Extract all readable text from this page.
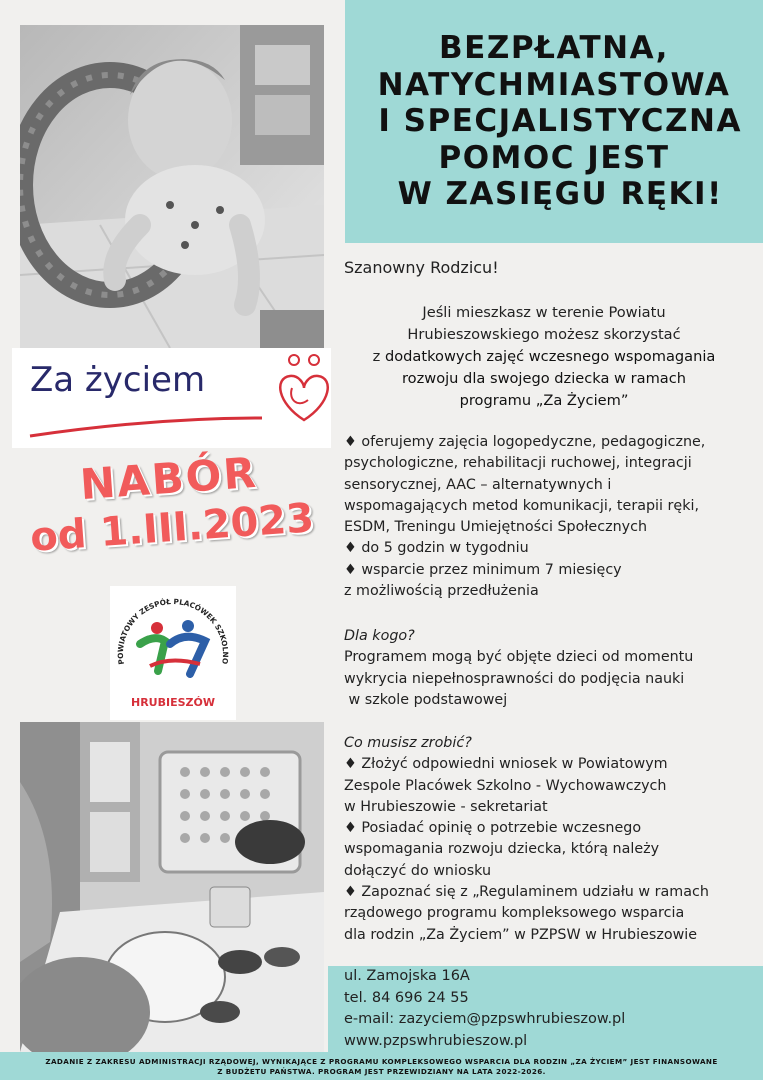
Za życiem
NABÓR
od 1.III.2023
POWIATOWY ZESPÓŁ PLACÓWEK SZKOLNO
HRUBIESZÓW
BEZPŁATNA,
NATYCHMIASTOWA
I SPECJALISTYCZNA
POMOC JEST
W ZASIĘGU RĘKI!
Szanowny Rodzicu!
Jeśli mieszkasz w terenie Powiatu
Hrubieszowskiego możesz skorzystać
z dodatkowych zajęć wczesnego wspomagania
rozwoju dla swojego dziecka w ramach
programu „Za Życiem”
♦ oferujemy zajęcia logopedyczne, pedagogiczne,
psychologiczne, rehabilitacji ruchowej, integracji
sensorycznej, AAC – alternatywnych i
wspomagających metod komunikacji, terapii ręki,
ESDM, Treningu Umiejętności Społecznych
♦ do 5 godzin w tygodniu
♦ wsparcie przez minimum 7 miesięcy
z możliwością przedłużenia
Dla kogo?
Programem mogą być objęte dzieci od momentu
wykrycia niepełnosprawności do podjęcia nauki
w szkole podstawowej
Co musisz zrobić?
♦ Złożyć odpowiedni wniosek w Powiatowym
Zespole Placówek Szkolno - Wychowawczych
w Hrubieszowie - sekretariat
♦ Posiadać opinię o potrzebie wczesnego
wspomagania rozwoju dziecka, którą należy
dołączyć do wniosku
♦ Zapoznać się z „Regulaminem udziału w ramach
rządowego programu kompleksowego wsparcia
dla rodzin „Za Życiem” w PZPSW w Hrubieszowie
ul. Zamojska 16A
tel. 84 696 24 55
e-mail: zazyciem@pzpswhrubieszow.pl
www.pzpswhrubieszow.pl
ZADANIE Z ZAKRESU ADMINISTRACJI RZĄDOWEJ, WYNIKAJĄCE Z PROGRAMU KOMPLEKSOWEGO WSPARCIA DLA RODZIN „ZA ŻYCIEM” JEST FINANSOWANE
Z BUDŻETU PAŃSTWA. PROGRAM JEST PRZEWIDZIANY NA LATA 2022-2026.
